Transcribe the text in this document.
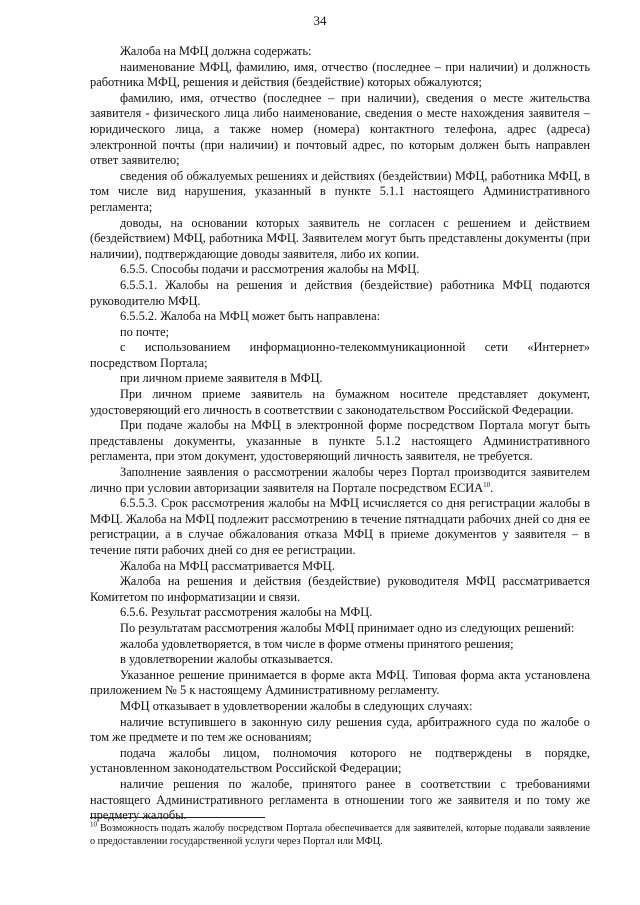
34

Жалоба на МФЦ должна содержать:

наименование МФЦ, фамилию, имя, отчество (последнее – при наличии) и должность работника МФЦ, решения и действия (бездействие) которых обжалуются;

фамилию, имя, отчество (последнее – при наличии), сведения о месте жительства заявителя - физического лица либо наименование, сведения о месте нахождения заявителя – юридического лица, а также номер (номера) контактного телефона, адрес (адреса) электронной почты (при наличии) и почтовый адрес, по которым должен быть направлен ответ заявителю;

сведения об обжалуемых решениях и действиях (бездействии) МФЦ, работника МФЦ, в том числе вид нарушения, указанный в пункте 5.1.1 настоящего Административного регламента;

доводы, на основании которых заявитель не согласен с решением и действием (бездействием) МФЦ, работника МФЦ. Заявителем могут быть представлены документы (при наличии), подтверждающие доводы заявителя, либо их копии.

6.5.5. Способы подачи и рассмотрения жалобы на МФЦ.

6.5.5.1. Жалобы на решения и действия (бездействие) работника МФЦ подаются руководителю МФЦ.

6.5.5.2. Жалоба на МФЦ может быть направлена:

по почте;

с использованием информационно-телекоммуникационной сети «Интернет» посредством Портала;

при личном приеме заявителя в МФЦ.

При личном приеме заявитель на бумажном носителе представляет документ, удостоверяющий его личность в соответствии с законодательством Российской Федерации.

При подаче жалобы на МФЦ в электронной форме посредством Портала могут быть представлены документы, указанные в пункте 5.1.2 настоящего Административного регламента, при этом документ, удостоверяющий личность заявителя, не требуется.

Заполнение заявления о рассмотрении жалобы через Портал производится заявителем лично при условии авторизации заявителя на Портале посредством ЕСИА$^{10}$.

6.5.5.3. Срок рассмотрения жалобы на МФЦ исчисляется со дня регистрации жалобы в МФЦ. Жалоба на МФЦ подлежит рассмотрению в течение пятнадцати рабочих дней со дня ее регистрации, а в случае обжалования отказа МФЦ в приеме документов у заявителя – в течение пяти рабочих дней со дня ее регистрации.

Жалоба на МФЦ рассматривается МФЦ.

Жалоба на решения и действия (бездействие) руководителя МФЦ рассматривается Комитетом по информатизации и связи.

6.5.6. Результат рассмотрения жалобы на МФЦ.

По результатам рассмотрения жалобы МФЦ принимает одно из следующих решений:

жалоба удовлетворяется, в том числе в форме отмены принятого решения;

в удовлетворении жалобы отказывается.

Указанное решение принимается в форме акта МФЦ. Типовая форма акта установлена приложением № 5 к настоящему Административному регламенту.

МФЦ отказывает в удовлетворении жалобы в следующих случаях:

наличие вступившего в законную силу решения суда, арбитражного суда по жалобе о том же предмете и по тем же основаниям;

подача жалобы лицом, полномочия которого не подтверждены в порядке, установленном законодательством Российской Федерации;

наличие решения по жалобе, принятого ранее в соответствии с требованиями настоящего Административного регламента в отношении того же заявителя и по тому же предмету жалобы.

$^{10}$ Возможность подать жалобу посредством Портала обеспечивается для заявителей, которые подавали заявление о предоставлении государственной услуги через Портал или МФЦ.
